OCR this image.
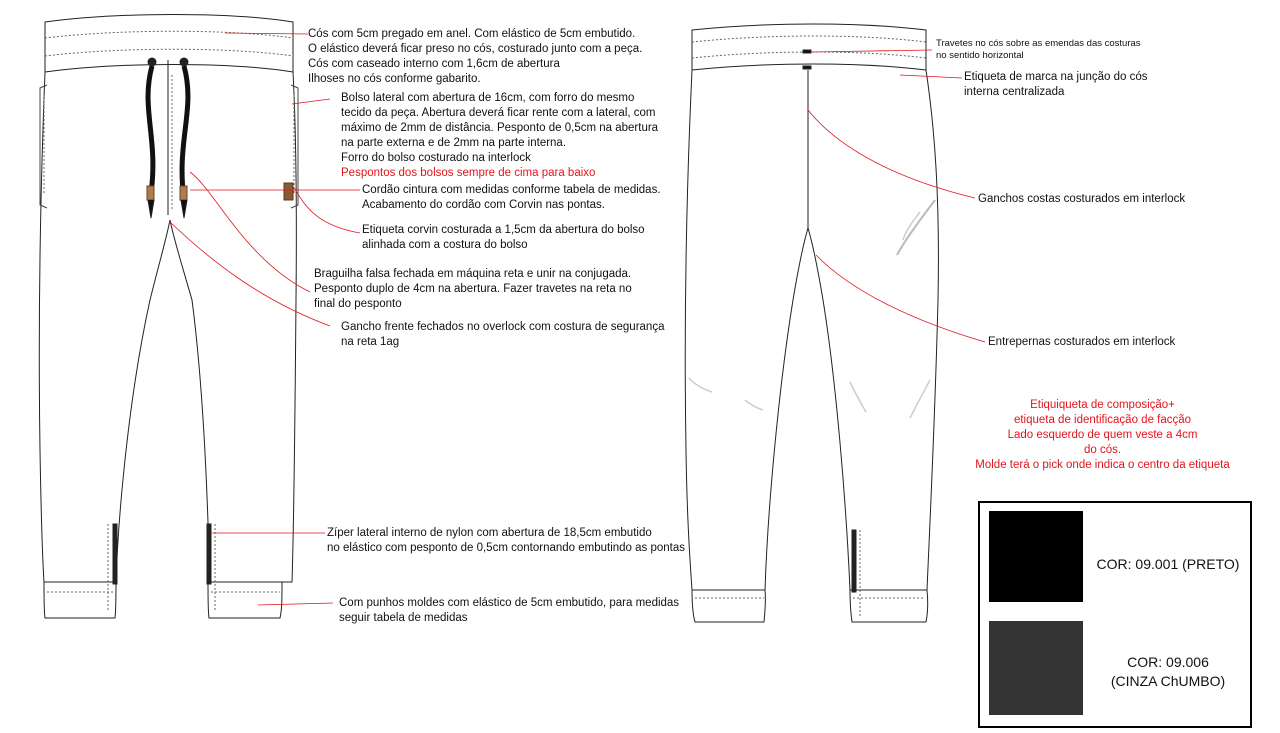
Cós com 5cm pregado em anel. Com elástico de 5cm embutido.

O elástico deverá ficar preso no cós, costurado junto com a peça.

Cós com caseado interno com 1,6cm de abertura

Ilhoses no cós conforme gabarito.

Bolso lateral com abertura de 16cm, com forro do mesmo

tecido da peça. Abertura deverá ficar rente com a lateral, com

máximo de 2mm de distância. Pesponto de 0,5cm na abertura

na parte externa e de 2mm na parte interna.

Forro do bolso costurado na interlock

Pespontos dos bolsos sempre de cima para baixo

Cordão cintura com medidas conforme tabela de medidas.

Acabamento do cordão com Corvin nas pontas.

Etiqueta corvin costurada a 1,5cm da abertura do bolso

alinhada com a costura do bolso

Braguilha falsa fechada em máquina reta e unir na conjugada.

Pesponto duplo de 4cm na abertura. Fazer travetes na reta no

final do pesponto

Gancho frente fechados no overlock com costura de segurança

na reta 1ag

Zíper lateral interno de nylon com abertura de 18,5cm embutido

no elástico com pesponto de 0,5cm contornando embutindo as pontas

Com punhos moldes com elástico de 5cm embutido, para medidas

seguir tabela de medidas

Travetes no cós sobre as emendas das costuras

no sentido horizontal

Etiqueta de marca na junção do cós

interna centralizada

Ganchos costas costurados em interlock

Entrepernas costurados em interlock

Etiquiqueta de composição+

etiqueta de identificação de facção

Lado esquerdo de quem veste a 4cm

do cós.

Molde terá o pick onde indica o centro da etiqueta

COR: 09.001 (PRETO)
COR: 09.006
(CINZA ChUMBO)
